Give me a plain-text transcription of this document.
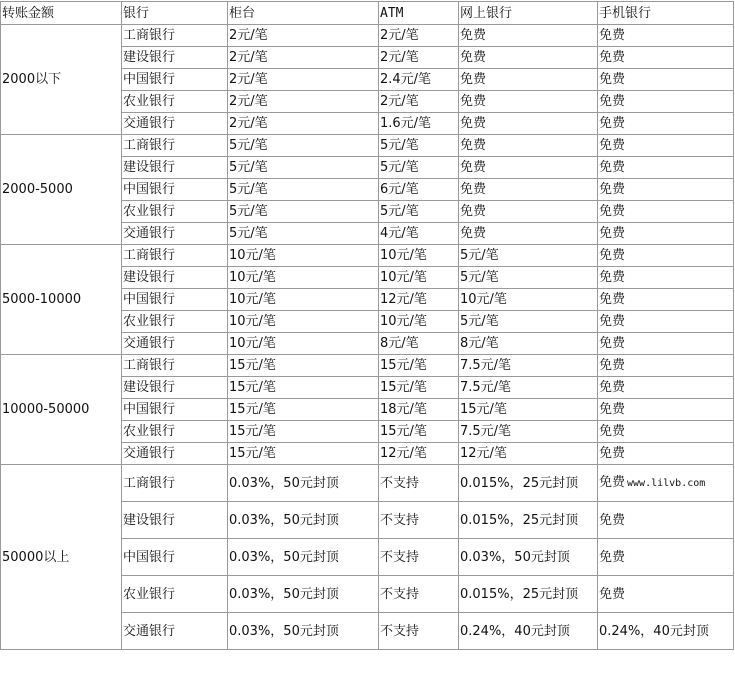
转账金额	银行	柜台	ATM	网上银行	手机银行
2000以下	工商银行	2元/笔	2元/笔	免费	免费
	建设银行	2元/笔	2元/笔	免费	免费
	中国银行	2元/笔	2.4元/笔	免费	免费
	农业银行	2元/笔	2元/笔	免费	免费
	交通银行	2元/笔	1.6元/笔	免费	免费
2000-5000	工商银行	5元/笔	5元/笔	免费	免费
	建设银行	5元/笔	5元/笔	免费	免费
	中国银行	5元/笔	6元/笔	免费	免费
	农业银行	5元/笔	5元/笔	免费	免费
	交通银行	5元/笔	4元/笔	免费	免费
5000-10000	工商银行	10元/笔	10元/笔	5元/笔	免费
	建设银行	10元/笔	10元/笔	5元/笔	免费
	中国银行	10元/笔	12元/笔	10元/笔	免费
	农业银行	10元/笔	10元/笔	5元/笔	免费
	交通银行	10元/笔	8元/笔	8元/笔	免费
10000-50000	工商银行	15元/笔	15元/笔	7.5元/笔	免费
	建设银行	15元/笔	15元/笔	7.5元/笔	免费
	中国银行	15元/笔	18元/笔	15元/笔	免费
	农业银行	15元/笔	15元/笔	7.5元/笔	免费
	交通银行	15元/笔	12元/笔	12元/笔	免费
50000以上	工商银行	0.03%，50元封顶	不支持	0.015%，25元封顶	免费 www.lilvb.com
	建设银行	0.03%，50元封顶	不支持	0.015%，25元封顶	免费
	中国银行	0.03%，50元封顶	不支持	0.03%，50元封顶	免费
	农业银行	0.03%，50元封顶	不支持	0.015%，25元封顶	免费
	交通银行	0.03%，50元封顶	不支持	0.24%，40元封顶	0.24%，40元封顶
